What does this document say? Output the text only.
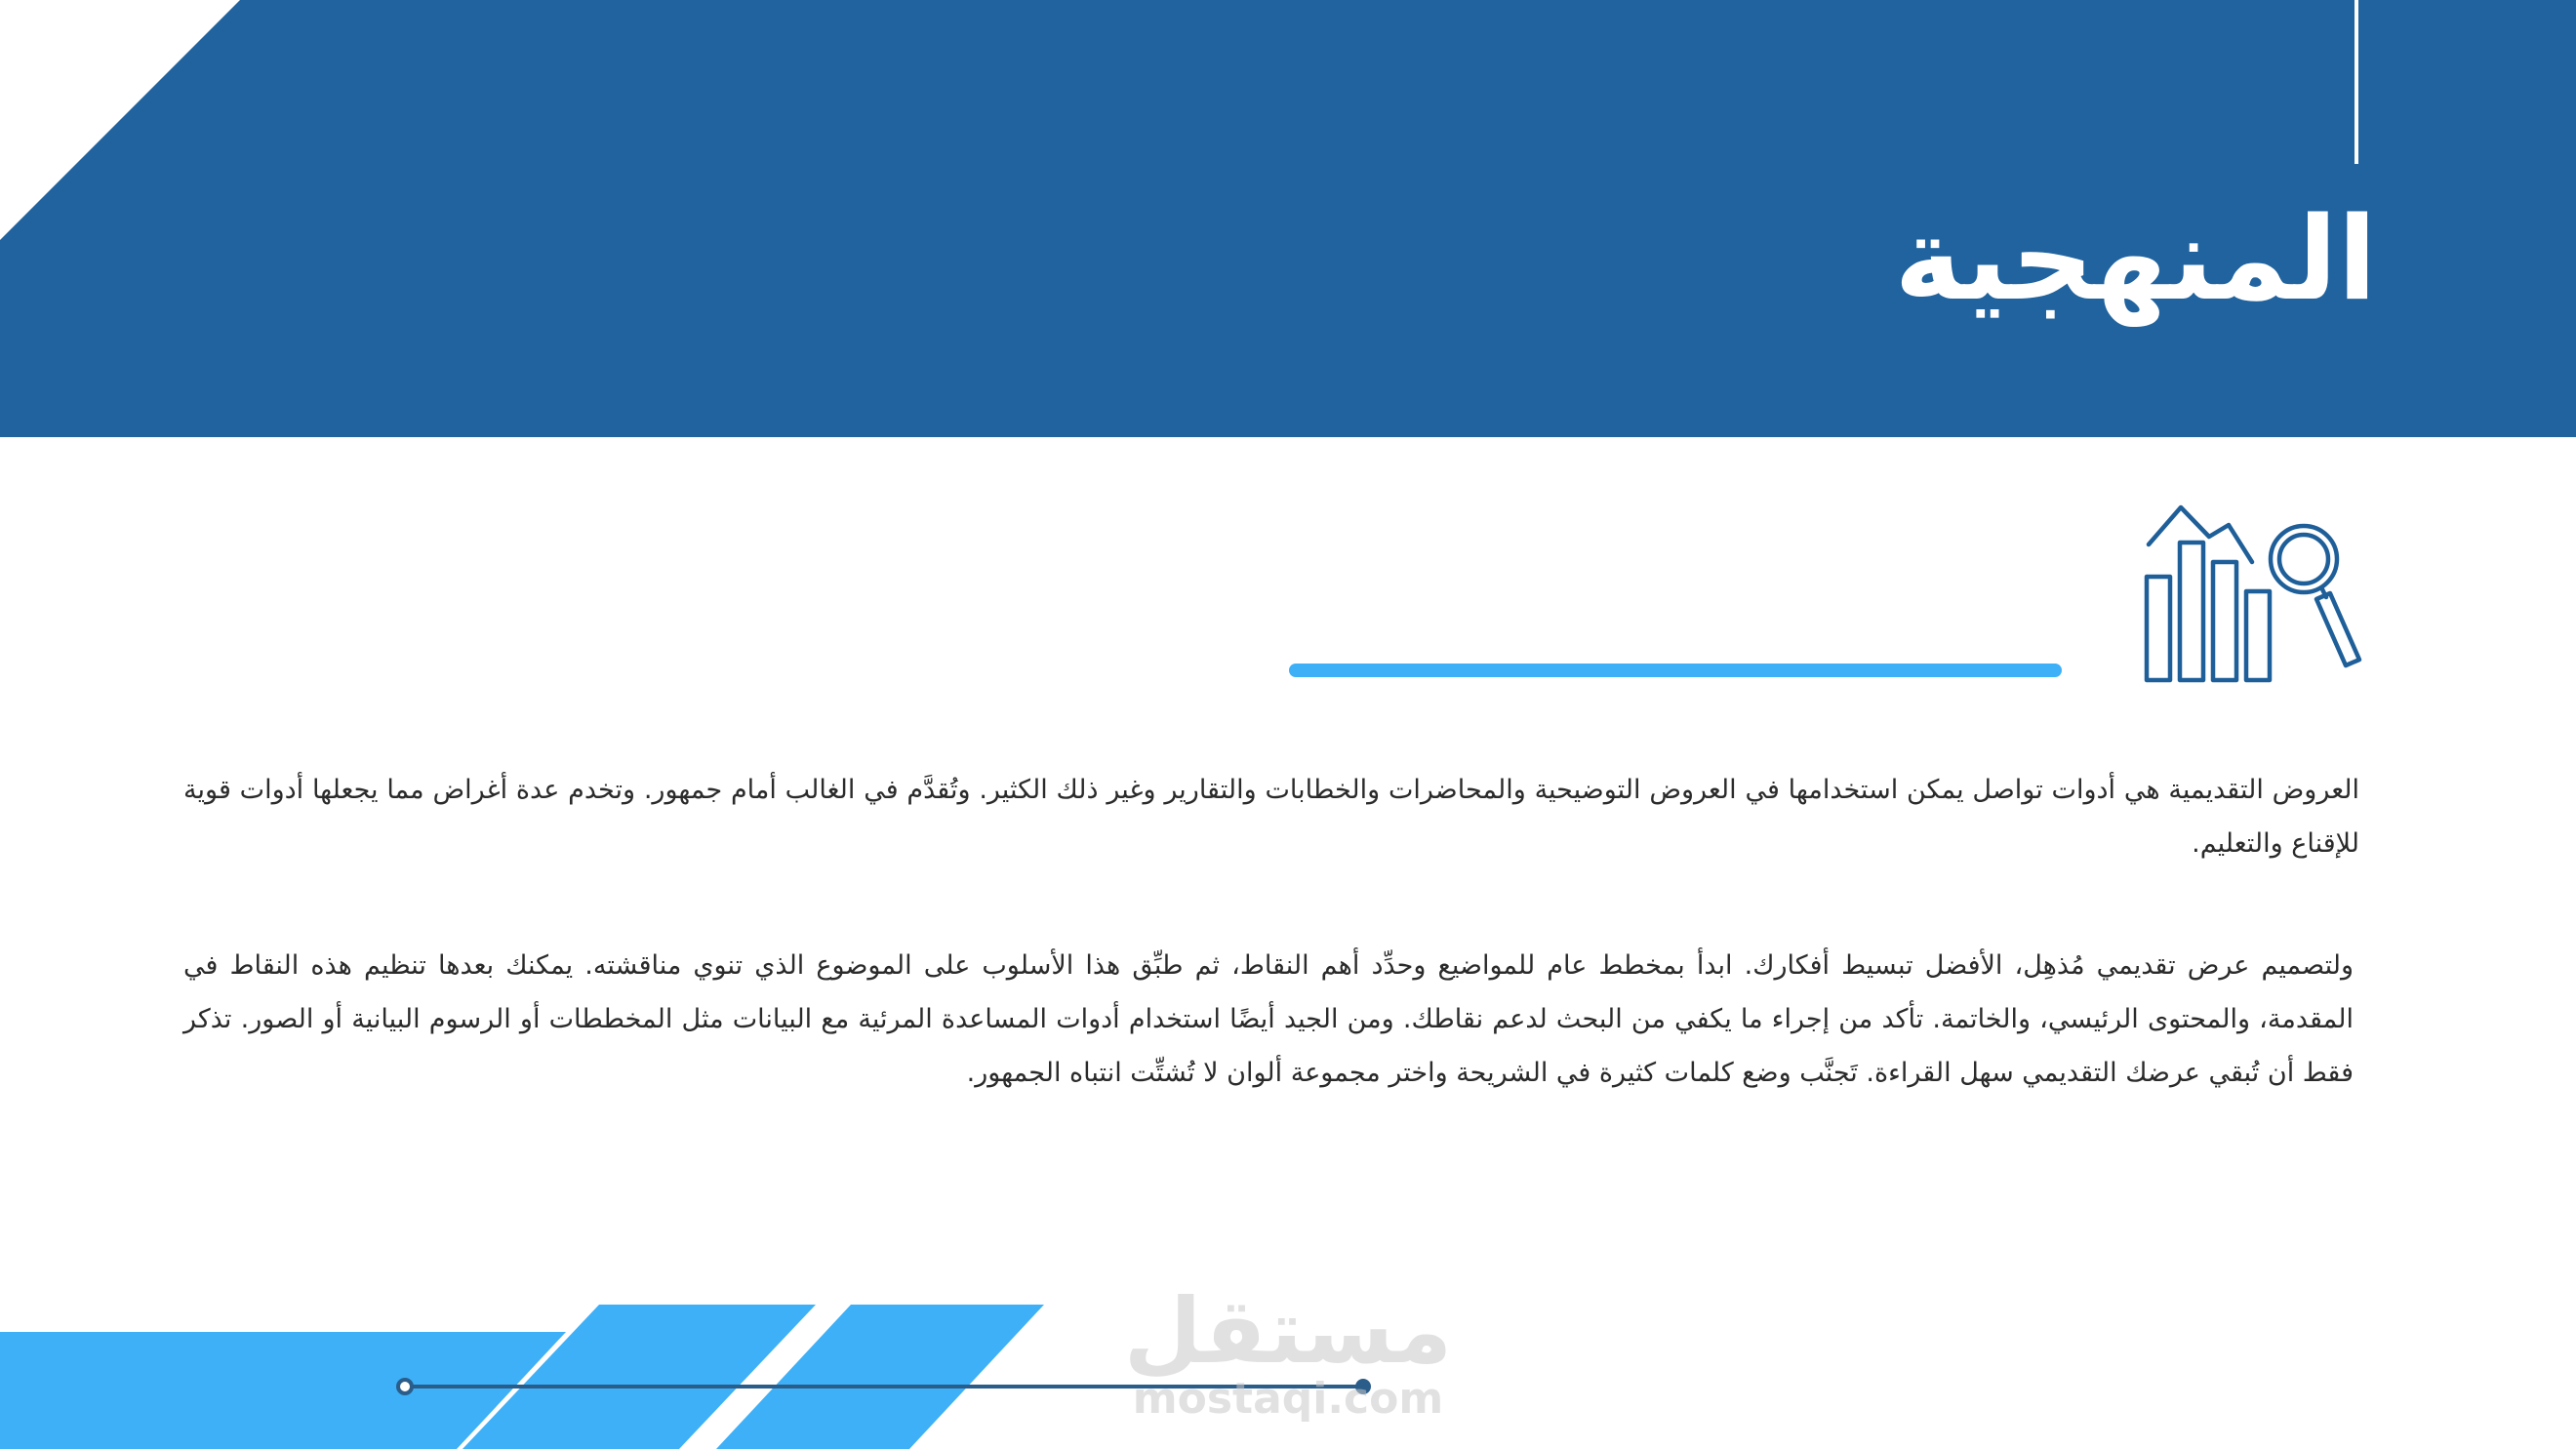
المنهجية

العروض التقديمية هي أدوات تواصل يمكن استخدامها في العروض التوضيحية والمحاضرات والخطابات والتقارير وغير ذلك الكثير. وتُقدَّم في الغالب أمام جمهور. وتخدم عدة أغراض مما يجعلها أدوات قوية للإقناع والتعليم.

ولتصميم عرض تقديمي مُذهِل، الأفضل تبسيط أفكارك. ابدأ بمخطط عام للمواضيع وحدِّد أهم النقاط، ثم طبِّق هذا الأسلوب على الموضوع الذي تنوي مناقشته. يمكنك بعدها تنظيم هذه النقاط في المقدمة، والمحتوى الرئيسي، والخاتمة. تأكد من إجراء ما يكفي من البحث لدعم نقاطك. ومن الجيد أيضًا استخدام أدوات المساعدة المرئية مع البيانات مثل المخططات أو الرسوم البيانية أو الصور. تذكر فقط أن تُبقي عرضك التقديمي سهل القراءة. تَجنَّب وضع كلمات كثيرة في الشريحة واختر مجموعة ألوان لا تُشتِّت انتباه الجمهور.

مستقل
mostaqi.com
